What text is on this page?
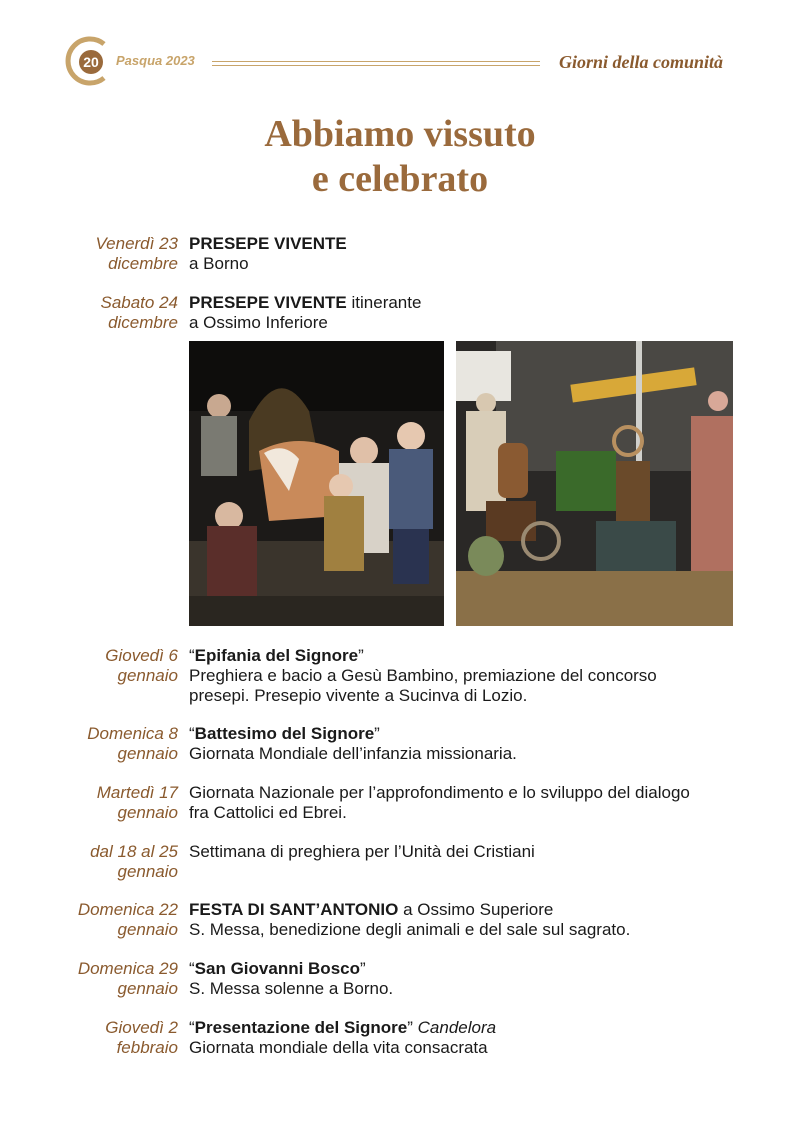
20	Pasqua 2023	Giorni della comunità
Abbiamo vissuto
e celebrato
Venerdì 23
dicembre
PRESEPE VIVENTE
a Borno
Sabato 24
dicembre
PRESEPE VIVENTE itinerante
a Ossimo Inferiore
Giovedì 6
gennaio
“Epifania del Signore”
Preghiera e bacio a Gesù Bambino, premiazione del concorso
presepi. Presepio vivente a Sucinva di Lozio.
Domenica 8
gennaio
“Battesimo del Signore”
Giornata Mondiale dell’infanzia missionaria.
Martedì 17
gennaio
Giornata Nazionale per l’approfondimento e lo sviluppo del dialogo
fra Cattolici ed Ebrei.
dal 18 al 25
gennaio
Settimana di preghiera per l’Unità dei Cristiani
Domenica 22
gennaio
FESTA DI SANT’ANTONIO a Ossimo Superiore
S. Messa, benedizione degli animali e del sale sul sagrato.
Domenica 29
gennaio
“San Giovanni Bosco”
S. Messa solenne a Borno.
Giovedì 2
febbraio
“Presentazione del Signore” Candelora
Giornata mondiale della vita consacrata
